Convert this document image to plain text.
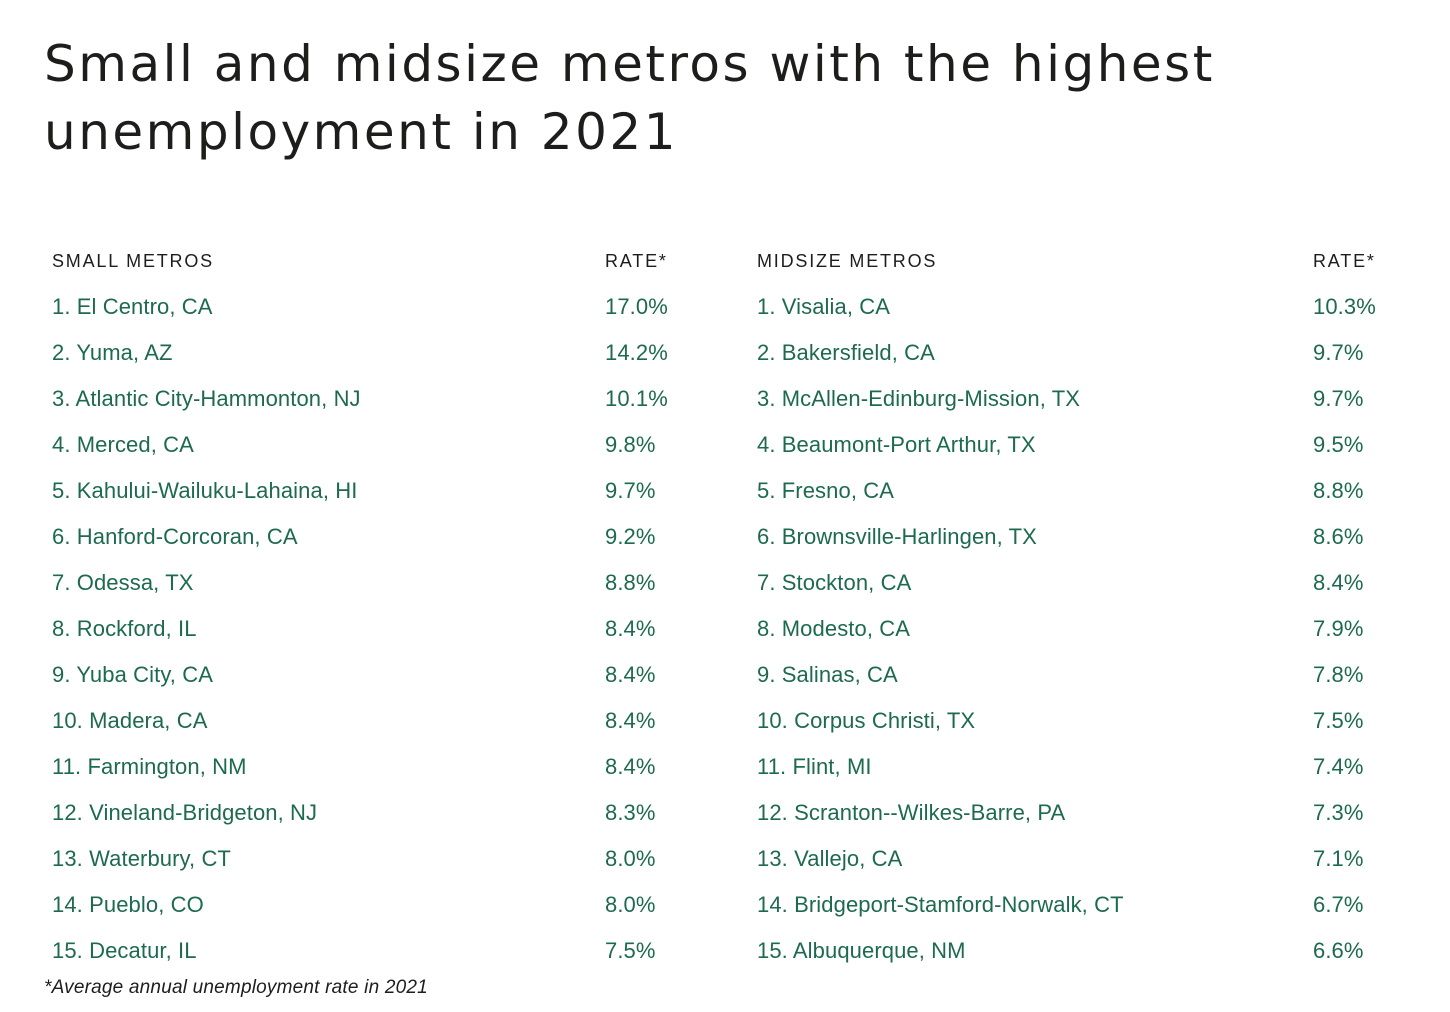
Small and midsize metros with the highest
unemployment in 2021
SMALL METROS	RATE*
1. El Centro, CA	17.0%
2. Yuma, AZ	14.2%
3. Atlantic City-Hammonton, NJ	10.1%
4. Merced, CA	9.8%
5. Kahului-Wailuku-Lahaina, HI	9.7%
6. Hanford-Corcoran, CA	9.2%
7. Odessa, TX	8.8%
8. Rockford, IL	8.4%
9. Yuba City, CA	8.4%
10. Madera, CA	8.4%
11. Farmington, NM	8.4%
12. Vineland-Bridgeton, NJ	8.3%
13. Waterbury, CT	8.0%
14. Pueblo, CO	8.0%
15. Decatur, IL	7.5%
MIDSIZE METROS	RATE*
1. Visalia, CA	10.3%
2. Bakersfield, CA	9.7%
3. McAllen-Edinburg-Mission, TX	9.7%
4. Beaumont-Port Arthur, TX	9.5%
5. Fresno, CA	8.8%
6. Brownsville-Harlingen, TX	8.6%
7. Stockton, CA	8.4%
8. Modesto, CA	7.9%
9. Salinas, CA	7.8%
10. Corpus Christi, TX	7.5%
11. Flint, MI	7.4%
12. Scranton--Wilkes-Barre, PA	7.3%
13. Vallejo, CA	7.1%
14. Bridgeport-Stamford-Norwalk, CT	6.7%
15. Albuquerque, NM	6.6%

*Average annual unemployment rate in 2021
